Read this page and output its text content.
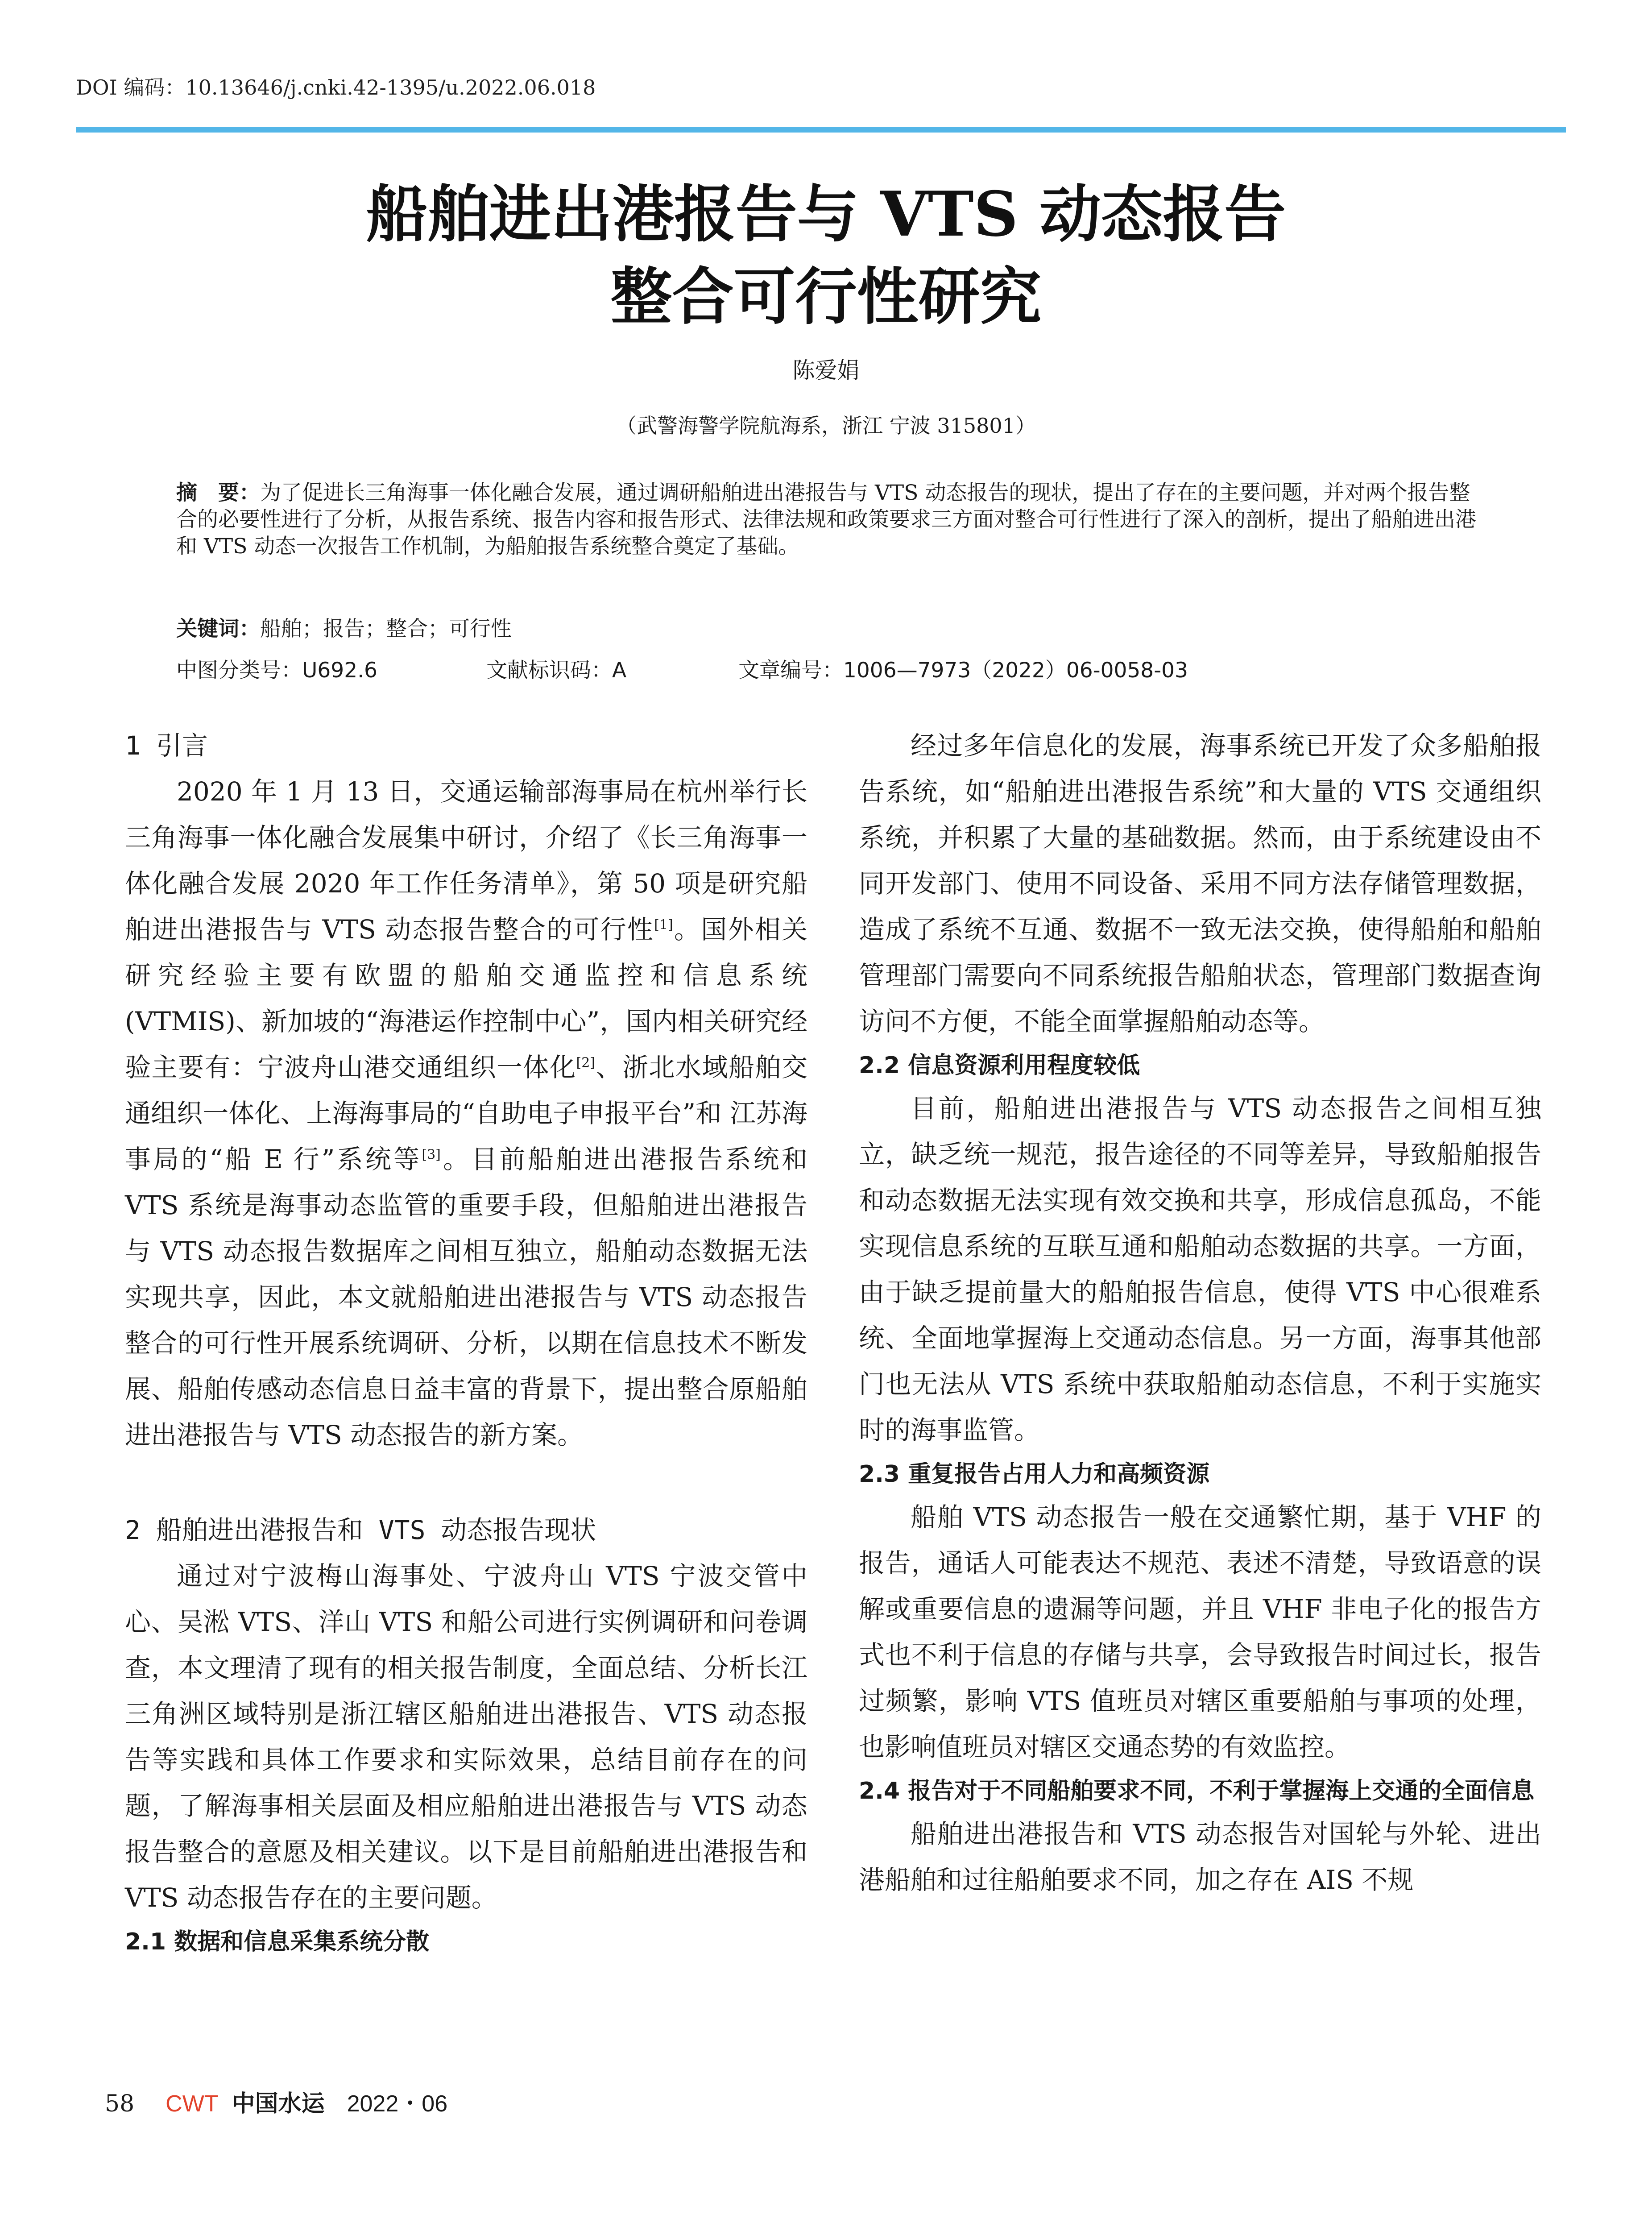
DOI 编码：10.13646/j.cnki.42-1395/u.2022.06.018
船舶进出港报告与 VTS 动态报告
整合可行性研究
陈爱娟
（武警海警学院航海系，浙江 宁波 315801）
摘　要：为了促进长三角海事一体化融合发展，通过调研船舶进出港报告与 VTS 动态报告的现状，提出了存在的主要问题，并对两个报告整合的必要性进行了分析，从报告系统、报告内容和报告形式、法律法规和政策要求三方面对整合可行性进行了深入的剖析，提出了船舶进出港和 VTS 动态一次报告工作机制，为船舶报告系统整合奠定了基础。
关键词：船舶；报告；整合；可行性
中图分类号：U692.6	文献标识码：A	文章编号：1006—7973（2022）06-0058-03
1 引言

2020 年 1 月 13 日，交通运输部海事局在杭州举行长三角海事一体化融合发展集中研讨，介绍了《长三角海事一体化融合发展 2020 年工作任务清单》，第 50 项是研究船舶进出港报告与 VTS 动态报告整合的可行性[1]。国外相关研究经验主要有欧盟的船舶交通监控和信息系统 (VTMIS)、新加坡的“海港运作控制中心”，国内相关研究经验主要有：宁波舟山港交通组织一体化[2]、浙北水域船舶交通组织一体化、上海海事局的“自助电子申报平台”和 江苏海事局的“船 E 行”系统等[3]。目前船舶进出港报告系统和 VTS 系统是海事动态监管的重要手段，但船舶进出港报告与 VTS 动态报告数据库之间相互独立，船舶动态数据无法实现共享，因此，本文就船舶进出港报告与 VTS 动态报告整合的可行性开展系统调研、分析，以期在信息技术不断发展、船舶传感动态信息日益丰富的背景下，提出整合原船舶进出港报告与 VTS 动态报告的新方案。

2 船舶进出港报告和 VTS 动态报告现状

通过对宁波梅山海事处、宁波舟山 VTS 宁波交管中心、吴淞 VTS、洋山 VTS 和船公司进行实例调研和问卷调查，本文理清了现有的相关报告制度，全面总结、分析长江三角洲区域特别是浙江辖区船舶进出港报告、VTS 动态报告等实践和具体工作要求和实际效果，总结目前存在的问题，了解海事相关层面及相应船舶进出港报告与 VTS 动态报告整合的意愿及相关建议。以下是目前船舶进出港报告和 VTS 动态报告存在的主要问题。

2.1 数据和信息采集系统分散

经过多年信息化的发展，海事系统已开发了众多船舶报告系统，如“船舶进出港报告系统”和大量的 VTS 交通组织系统，并积累了大量的基础数据。然而，由于系统建设由不同开发部门、使用不同设备、采用不同方法存储管理数据，造成了系统不互通、数据不一致无法交换，使得船舶和船舶管理部门需要向不同系统报告船舶状态，管理部门数据查询访问不方便，不能全面掌握船舶动态等。

2.2 信息资源利用程度较低

目前，船舶进出港报告与 VTS 动态报告之间相互独立，缺乏统一规范，报告途径的不同等差异，导致船舶报告和动态数据无法实现有效交换和共享，形成信息孤岛，不能实现信息系统的互联互通和船舶动态数据的共享。一方面，由于缺乏提前量大的船舶报告信息，使得 VTS 中心很难系统、全面地掌握海上交通动态信息。另一方面，海事其他部门也无法从 VTS 系统中获取船舶动态信息，不利于实施实时的海事监管。

2.3 重复报告占用人力和高频资源

船舶 VTS 动态报告一般在交通繁忙期，基于 VHF 的报告，通话人可能表达不规范、表述不清楚，导致语意的误解或重要信息的遗漏等问题，并且 VHF 非电子化的报告方式也不利于信息的存储与共享，会导致报告时间过长，报告过频繁，影响 VTS 值班员对辖区重要船舶与事项的处理，也影响值班员对辖区交通态势的有效监控。

2.4 报告对于不同船舶要求不同，不利于掌握海上交通的全面信息

船舶进出港报告和 VTS 动态报告对国轮与外轮、进出港船舶和过往船舶要求不同，加之存在 AIS 不规

58 CWT 中国水运 2022・06
